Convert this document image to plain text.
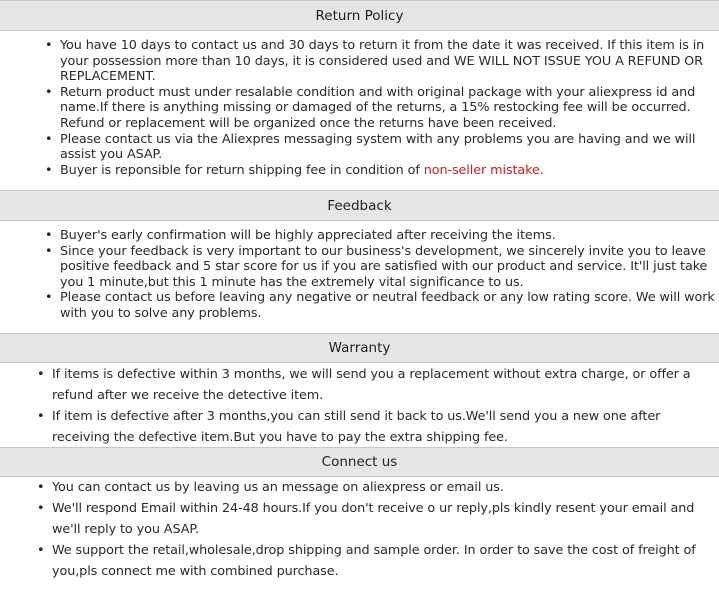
Return Policy
• You have 10 days to contact us and 30 days to return it from the date it was received. If this item is in your possession more than 10 days, it is considered used and WE WILL NOT ISSUE YOU A REFUND OR REPLACEMENT.
• Return product must under resalable condition and with original package with your aliexpress id and name.If there is anything missing or damaged of the returns, a 15% restocking fee will be occurred. Refund or replacement will be organized once the returns have been received.
• Please contact us via the Aliexpres messaging system with any problems you are having and we will assist you ASAP.
• Buyer is reponsible for return shipping fee in condition of non-seller mistake.
Feedback
• Buyer's early confirmation will be highly appreciated after receiving the items.
• Since your feedback is very important to our business's development, we sincerely invite you to leave positive feedback and 5 star score for us if you are satisfied with our product and service. It'll just take you 1 minute,but this 1 minute has the extremely vital significance to us.
• Please contact us before leaving any negative or neutral feedback or any low rating score. We will work with you to solve any problems.
Warranty
• If items is defective within 3 months, we will send you a replacement without extra charge, or offer a refund after we receive the detective item.
• If item is defective after 3 months,you can still send it back to us.We'll send you a new one after receiving the defective item.But you have to pay the extra shipping fee.
Connect us
• You can contact us by leaving us an message on aliexpress or email us.
• We'll respond Email within 24-48 hours.If you don't receive o ur reply,pls kindly resent your email and we'll reply to you ASAP.
• We support the retail,wholesale,drop shipping and sample order. In order to save the cost of freight of you,pls connect me with combined purchase.
